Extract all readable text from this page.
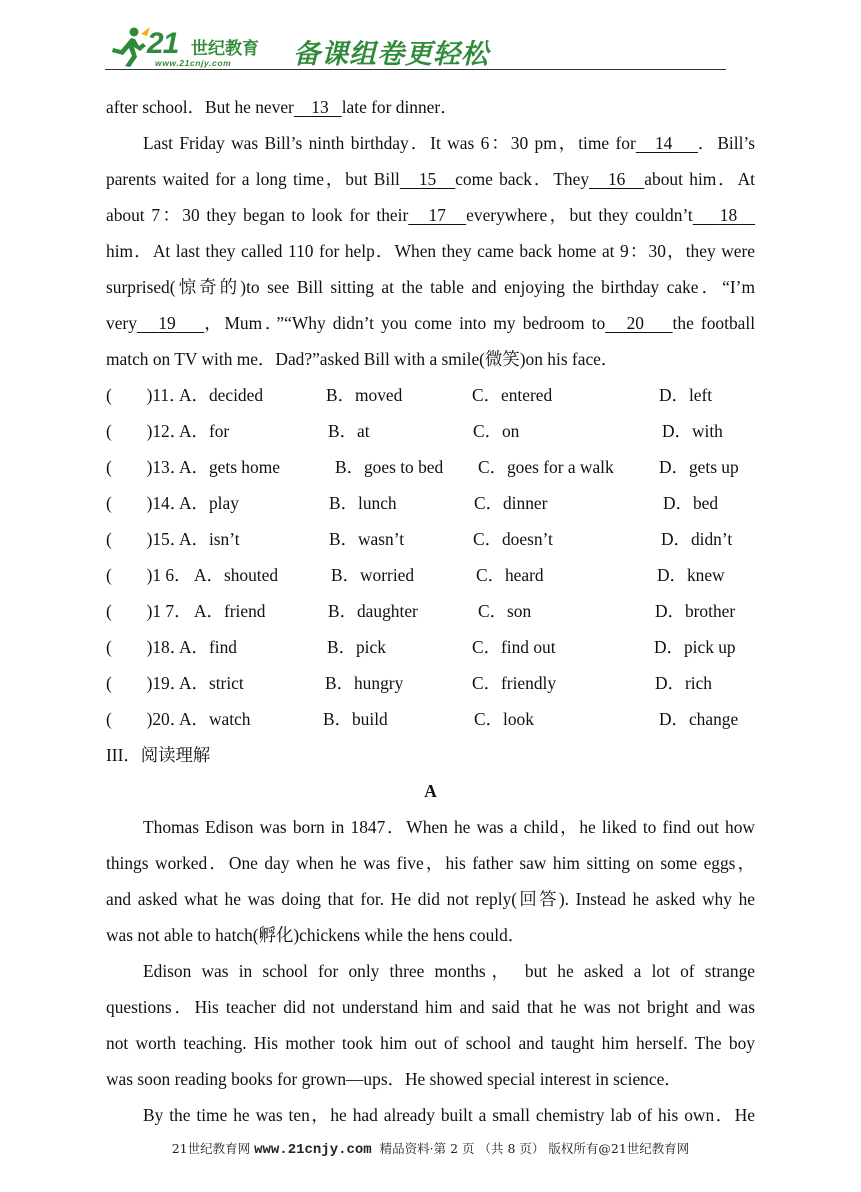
21 世纪教育
www.21cnjy.com 备课组卷更轻松
after school．But he never 13 late for dinner．
Last Friday was Bill’s ninth birthday．It was 6：30 pm，time for 14 ．Bill’s
parents waited for a long time，but Bill 15 come back．They 16 about him．At
about 7：30 they began to look for their 17 everywhere，but they couldn’t 18
him．At last they called 110 for help．When they came back home at 9：30，they were
surprised(惊奇的)to see Bill sitting at the table and enjoying the birthday cake．“I’m
very 19 ，Mum．”“Why didn’t you come into my bedroom to 20 the football
match on TV with me．Dad?”asked Bill with a smile(微笑)on his face．
(　　)11．
A．decided	B．moved	C．entered	D．left
(　　)12．
A．for	B．at	C．on	D．with
(　　)13．
A．gets home	B．goes to bed C．goes for a walk	D．gets up
(　　)14．
A．play	B．lunch	C．dinner	D．bed
(　　)15．
A．isn’t	B．wasn’t	C．doesn’t	D．didn’t
(　　)1 6． A．shouted	B．worried	C．heard	D．knew
(　　)1 7． A．friend	B．daughter	C．son	D．brother
(　　)18．
A．find	B．pick	C．find out	D．pick up
(　　)19．
A．strict	B．hungry	C．friendly	D．rich
(　　)20．
A．watch	B．build	C．look	D．change
III．阅读理解
A
Thomas Edison was born in 1847．When he was a child，he liked to find out how
things worked．One day when he was five，his father saw him sitting on some eggs，
and asked what he was doing that for. He did not reply(回答). Instead he asked why he
was not able to hatch(孵化)chickens while the hens could．
Edison was in school for only three months， but he asked a lot of strange
questions．His teacher did not understand him and said that he was not bright and was
not worth teaching. His mother took him out of school and taught him herself. The boy
was soon reading books for grown—ups．He showed special interest in science．
By the time he was ten，he had already built a small chemistry lab of his own．He
21世纪教育网 www.21cnjy.com  精品资料·第 2 页 （共 8 页） 版权所有@21世纪教育网
